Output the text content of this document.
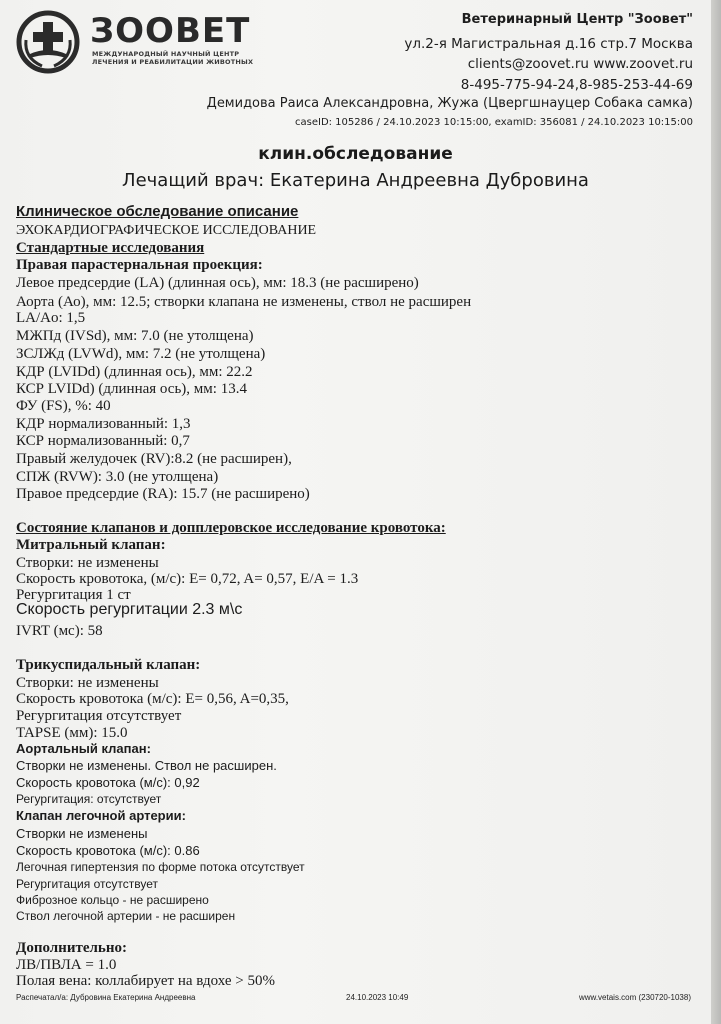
ЗООВЕТ
МЕЖДУНАРОДНЫЙ НАУЧНЫЙ ЦЕНТР
ЛЕЧЕНИЯ И РЕАБИЛИТАЦИИ ЖИВОТНЫХ
Ветеринарный Центр "Зоовет"
ул.2-я Магистральная д.16 стр.7 Москва
clients@zoovet.ru www.zoovet.ru
8-495-775-94-24,8-985-253-44-69
Демидова Раиса Александровна, Жужа (Цвергшнауцер Собака самка)
caseID: 105286 / 24.10.2023 10:15:00, examID: 356081 / 24.10.2023 10:15:00
клин.обследование
Лечащий врач: Екатерина Андреевна Дубровина
Клиническое обследование описание
ЭХОКАРДИОГРАФИЧЕСКОЕ ИССЛЕДОВАНИЕ
Стандартные исследования
Правая парастернальная проекция:
Левое предсердие (LA) (длинная ось), мм: 18.3 (не расширено)
Аорта (Ао), мм: 12.5; створки клапана не изменены, ствол не расширен
LA/Ao: 1,5
МЖПд (IVSd), мм: 7.0 (не утолщена)
ЗСЛЖд (LVWd), мм: 7.2 (не утолщена)
КДР (LVIDd) (длинная ось), мм: 22.2
КСР LVIDd) (длинная ось), мм: 13.4
ФУ (FS), %: 40
КДР нормализованный: 1,3
КСР нормализованный: 0,7
Правый желудочек (RV):8.2 (не расширен),
СПЖ (RVW): 3.0 (не утолщена)
Правое предсердие (RA): 15.7 (не расширено)
Состояние клапанов и допплеровское исследование кровотока:
Митральный клапан:
Створки: не изменены
Скорость кровотока, (м/с): E= 0,72, A= 0,57, E/A = 1.3
Регургитация 1 ст
Скорость регургитации 2.3 м\с
IVRT (мс): 58
Трикуспидальный клапан:
Створки: не изменены
Скорость кровотока (м/с): E= 0,56, A=0,35,
Регургитация отсутствует
TAPSE (мм): 15.0
Аортальный клапан:
Створки не изменены. Ствол не расширен.
Скорость кровотока (м/с): 0,92
Регургитация: отсутствует
Клапан легочной артерии:
Створки не изменены
Скорость кровотока (м/с): 0.86
Легочная гипертензия по форме потока отсутствует
Регургитация отсутствует
Фиброзное кольцо - не расширено
Ствол легочной артерии - не расширен
Дополнительно:
ЛВ/ПВЛА = 1.0
Полая вена: коллабирует на вдохе > 50%
Распечатал/а: Дубровина Екатерина Андреевна	24.10.2023 10:49	www.vetais.com (230720-1038)
